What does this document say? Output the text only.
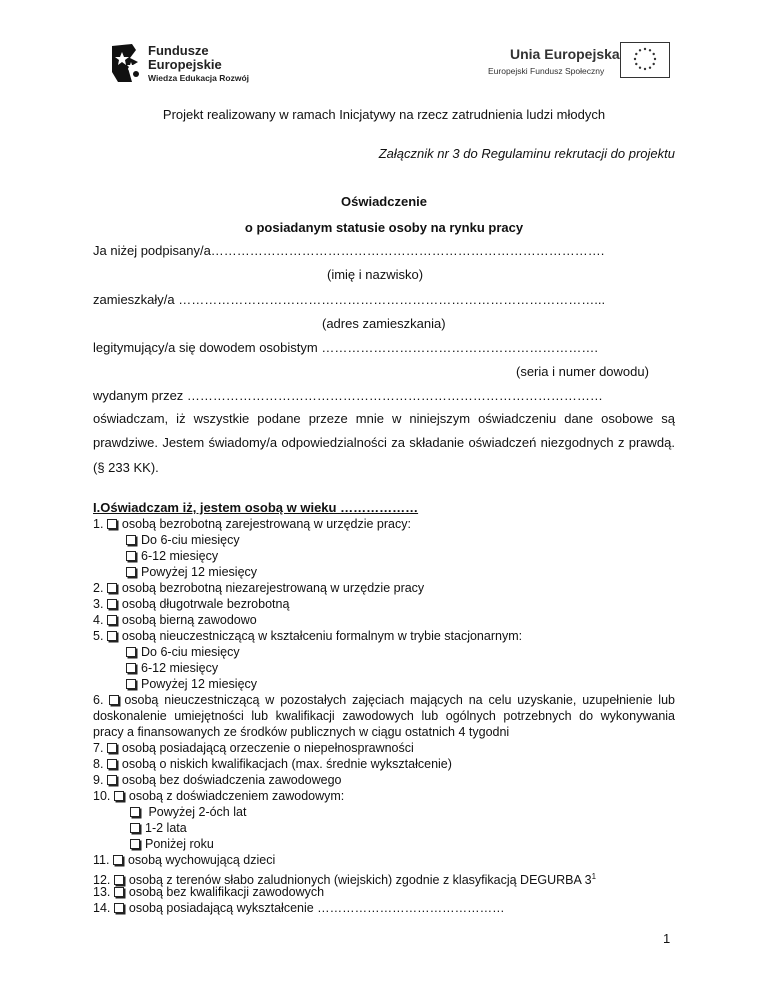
Fundusze
Europejskie
Wiedza Edukacja Rozwój
Unia Europejska
Europejski Fundusz Społeczny
Projekt realizowany w ramach Inicjatywy na rzecz zatrudnienia ludzi młodych
Załącznik nr 3 do Regulaminu rekrutacji do projektu
Oświadczenie
o posiadanym statusie osoby na rynku pracy
Ja niżej podpisany/a……………………………………………………………………………….
(imię i nazwisko)
zamieszkały/a ……………………………………………………………………………………...
(adres zamieszkania)
legitymujący/a się dowodem osobistym ……………………………………………………….
(seria i numer dowodu)
wydanym przez ……………………………………………………………………………………
oświadczam, iż wszystkie podane przeze mnie w niniejszym oświadczeniu dane osobowe są
prawdziwe. Jestem świadomy/a odpowiedzialności za składanie oświadczeń niezgodnych z prawdą.
(§ 233 KK).
I.Oświadczam iż, jestem osobą w wieku ………………
1. osobą bezrobotną zarejestrowaną w urzędzie pracy:
Do 6-ciu miesięcy
6-12 miesięcy
Powyżej 12 miesięcy
2. osobą bezrobotną niezarejestrowaną w urzędzie pracy
3. osobą długotrwale bezrobotną
4. osobą bierną zawodowo
5. osobą nieuczestniczącą w kształceniu formalnym w trybie stacjonarnym:
Do 6-ciu miesięcy
6-12 miesięcy
Powyżej 12 miesięcy
6. osobą nieuczestniczącą w pozostałych zajęciach mających na celu uzyskanie, uzupełnienie lub
doskonalenie umiejętności lub kwalifikacji zawodowych lub ogólnych potrzebnych do wykonywania
pracy a finansowanych ze środków publicznych w ciągu ostatnich 4 tygodni
7. osobą posiadającą orzeczenie o niepełnosprawności
8. osobą o niskich kwalifikacjach (max. średnie wykształcenie)
9. osobą bez doświadczenia zawodowego
10. osobą z doświadczeniem zawodowym:
Powyżej 2-óch lat
1-2 lata
Poniżej roku
11. osobą wychowującą dzieci
12. osobą z terenów słabo zaludnionych (wiejskich) zgodnie z klasyfikacją DEGURBA $3^1$
13. osobą bez kwalifikacji zawodowych
14. osobą posiadającą wykształcenie ………………………………………
1
